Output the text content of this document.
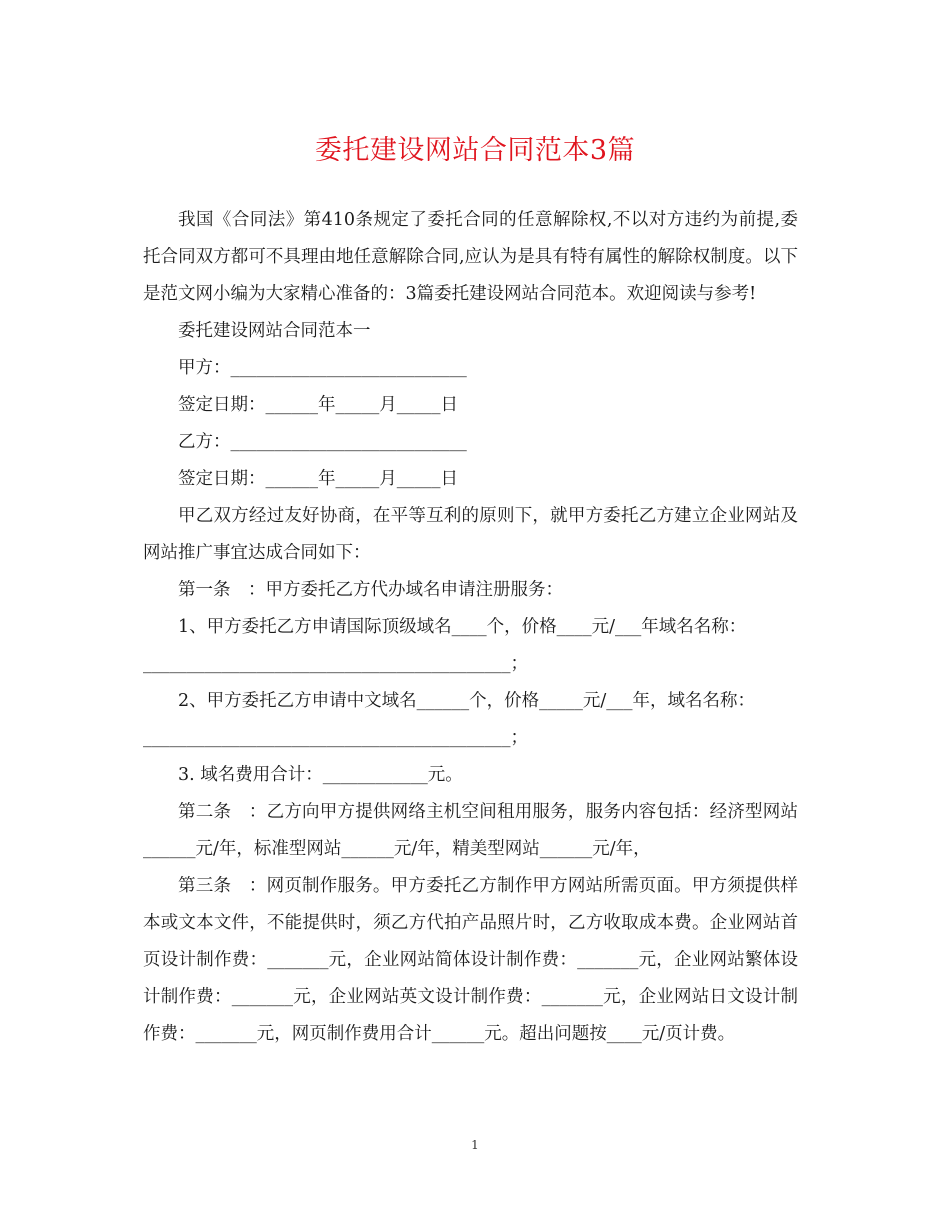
委托建设网站合同范本3篇

我国《合同法》第410条规定了委托合同的任意解除权,不以对方违约为前提,委托合同双方都可不具理由地任意解除合同,应认为是具有特有属性的解除权制度。以下是范文网小编为大家精心准备的：3篇委托建设网站合同范本。欢迎阅读与参考!

委托建设网站合同范本一

甲方：___________________________

签定日期：______年_____月_____日

乙方：___________________________

签定日期：______年_____月_____日

甲乙双方经过友好协商，在平等互利的原则下，就甲方委托乙方建立企业网站及网站推广事宜达成合同如下：

第一条　：甲方委托乙方代办域名申请注册服务：

1、甲方委托乙方申请国际顶级域名____个，价格____元/___年域名名称：

__________________________________________；

2、甲方委托乙方申请中文域名______个，价格_____元/___年，域名名称：

__________________________________________；

3. 域名费用合计：____________元。

第二条　：乙方向甲方提供网络主机空间租用服务，服务内容包括：经济型网站______元/年，标准型网站______元/年，精美型网站______元/年，

第三条　：网页制作服务。甲方委托乙方制作甲方网站所需页面。甲方须提供样本或文本文件，不能提供时，须乙方代拍产品照片时，乙方收取成本费。企业网站首页设计制作费：_______元，企业网站简体设计制作费：_______元，企业网站繁体设计制作费：_______元，企业网站英文设计制作费：_______元，企业网站日文设计制作费：_______元，网页制作费用合计______元。超出问题按____元/页计费。

1
